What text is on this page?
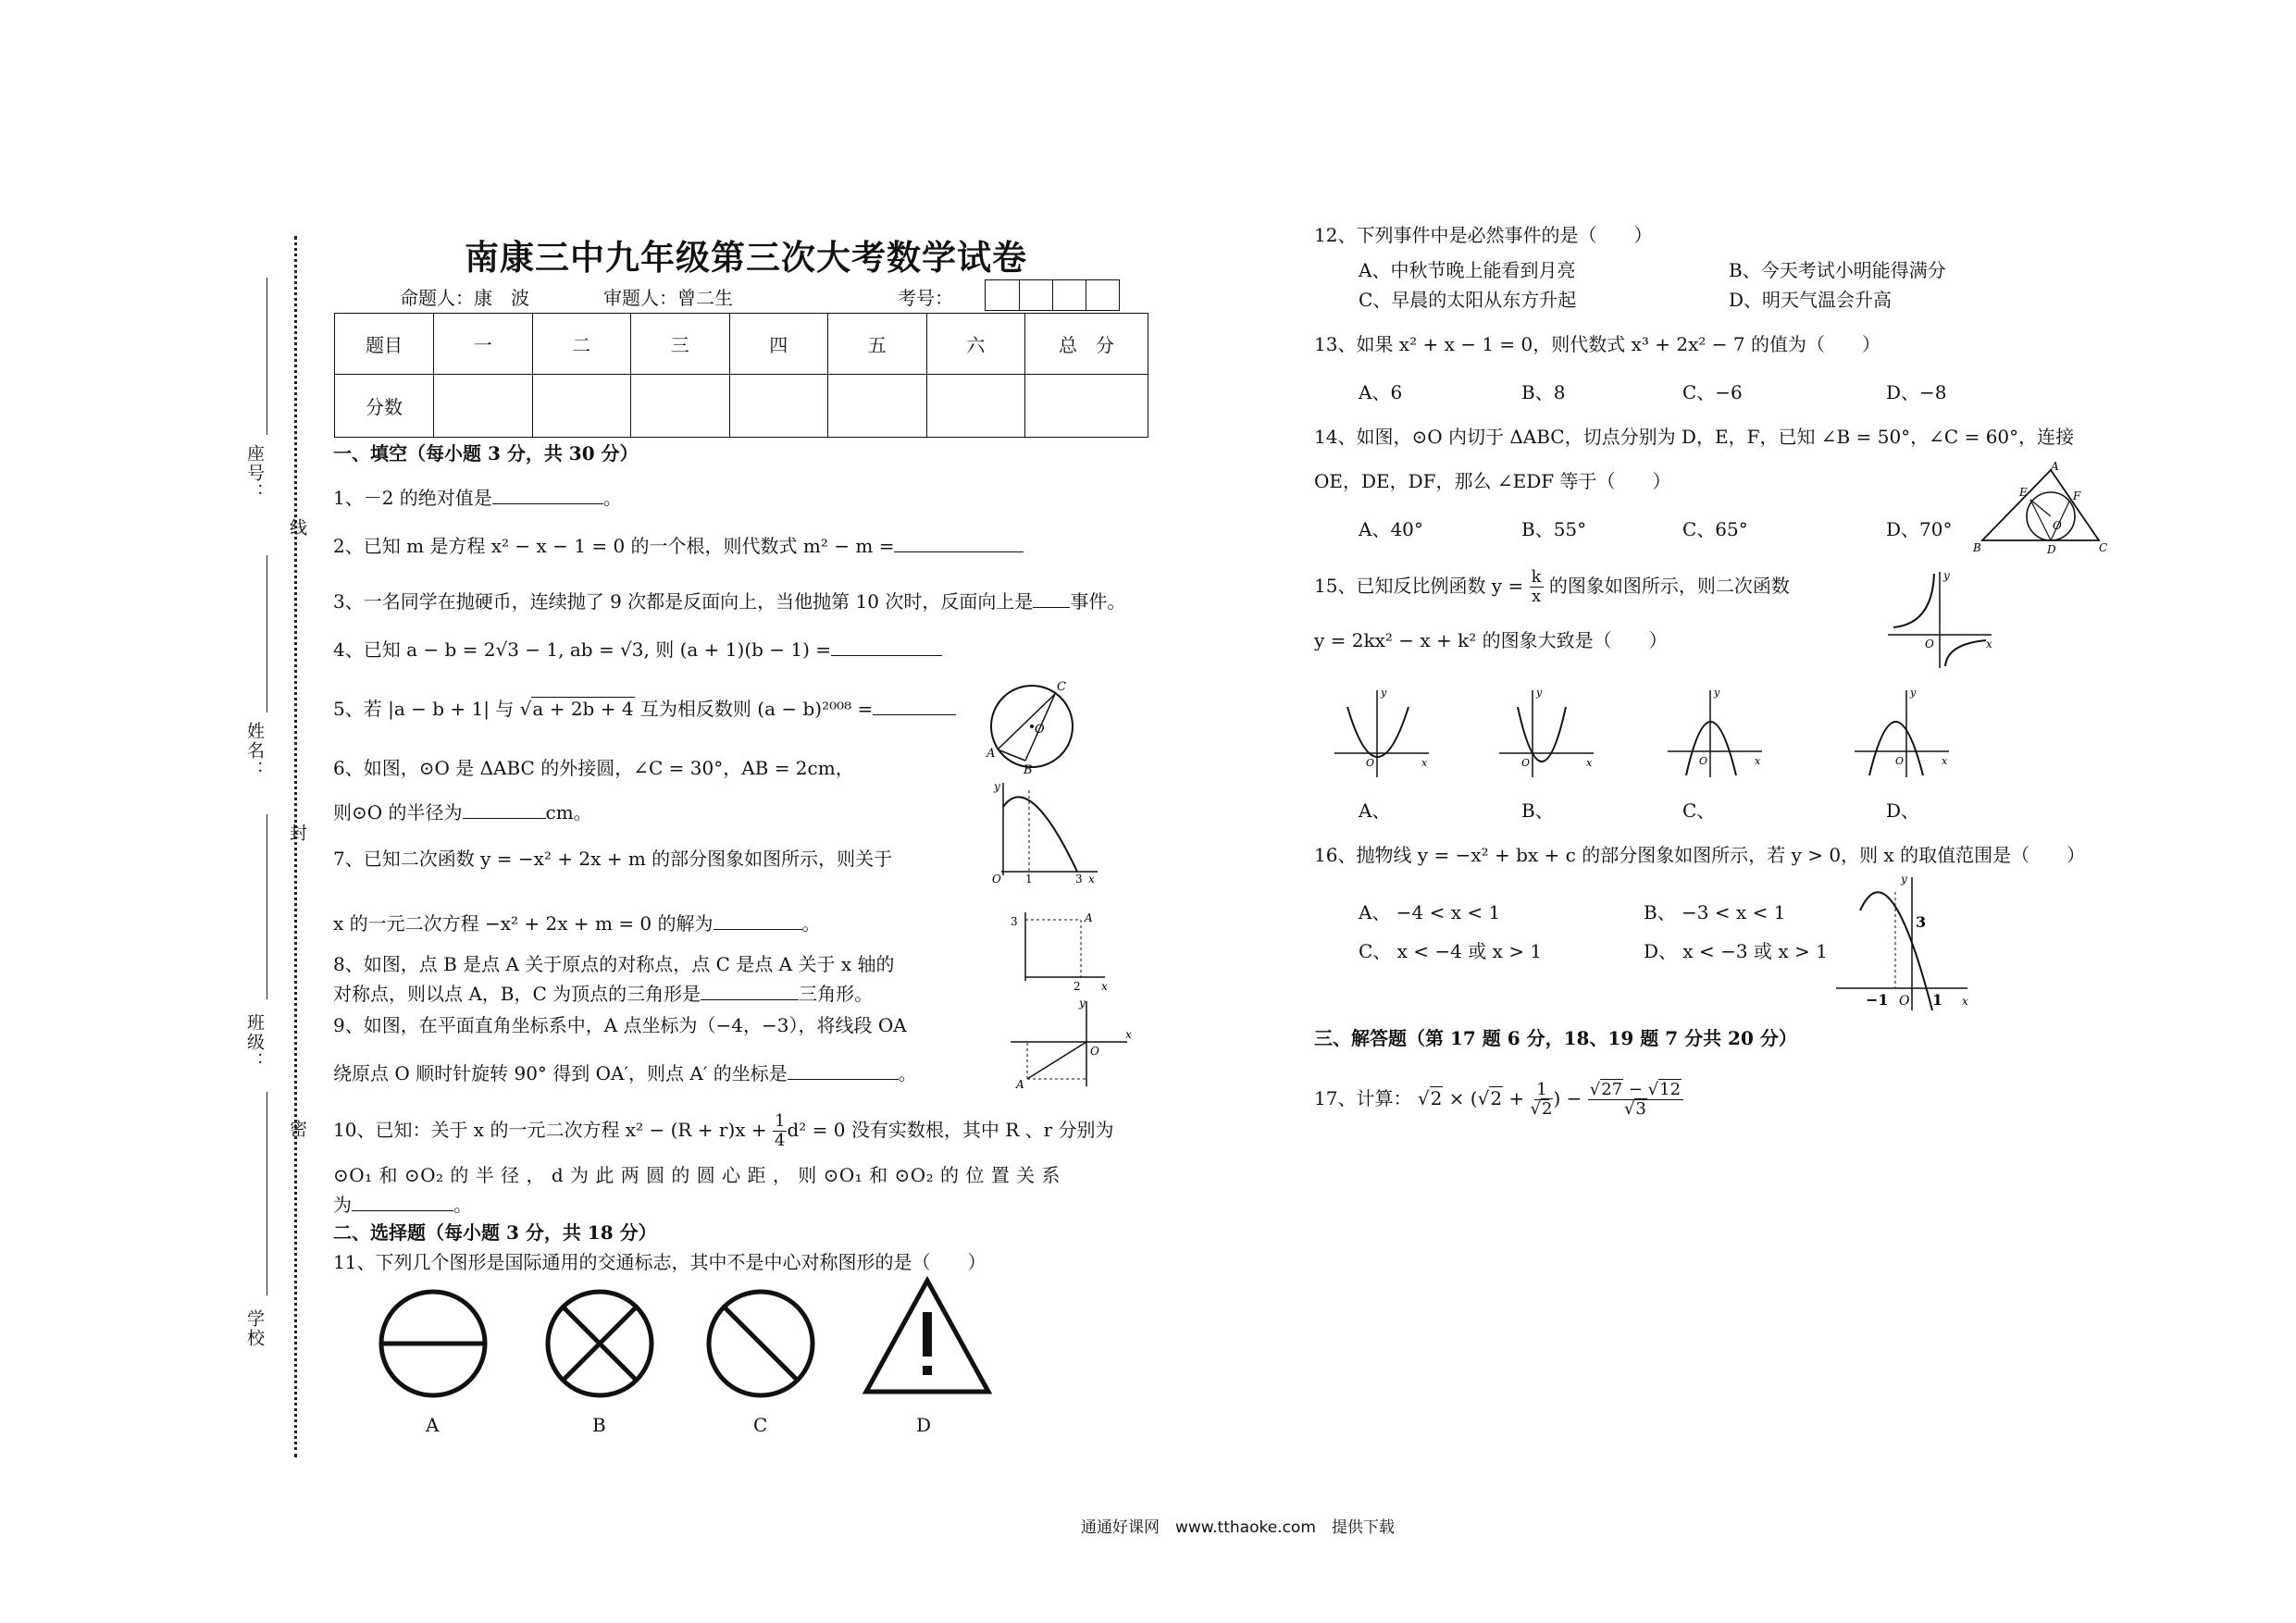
座号：
线
姓名：
封
班级：
密
学校
南康三中九年级第三次大考数学试卷
命题人：康　波	审题人：曾二生	考号：
题目	一	二	三	四	五	六	总　分
分数							
一、填空（每小题 3 分，共 30 分）
1、－2 的绝对值是	。
2、已知 m 是方程 x² − x − 1 = 0 的一个根，则代数式 m² − m =
3、一名同学在抛硬币，连续抛了 9 次都是反面向上，当他抛第 10 次时，反面向上是 事件。
4、已知 a − b = 2√3 − 1, ab = √3, 则 (a + 1)(b − 1) =
5、若 |a − b + 1| 与 √a + 2b + 4 互为相反数则 (a − b)²⁰⁰⁸ =
6、如图，⊙O 是 ΔABC 的外接圆，∠C = 30°，AB = 2cm，
则⊙O 的半径为	cm。
7、已知二次函数 y = −x² + 2x + m 的部分图象如图所示，则关于
x 的一元二次方程 −x² + 2x + m = 0 的解为	。
8、如图，点 B 是点 A 关于原点的对称点，点 C 是点 A 关于 x 轴的
对称点，则以点 A，B，C 为顶点的三角形是	三角形。
9、如图，在平面直角坐标系中，A 点坐标为（−4，−3），将线段 OA
绕原点 O 顺时针旋转 90° 得到 OA′，则点 A′ 的坐标是	。
10、已知：关于 x 的一元二次方程 $x^2 - (R + r)x + \frac{1}{4} d^2 = 0$ 没有实数根，其中 R 、r 分别为
⊙O₁ 和 ⊙O₂ 的 半 径 ， d 为 此 两 圆 的 圆 心 距 ， 则 ⊙O₁ 和 ⊙O₂ 的 位 置 关 系
为	。
二、选择题（每小题 3 分，共 18 分）
11、下列几个图形是国际通用的交通标志，其中不是中心对称图形的是（　　）
A	B	C	D
A
B
C
O
y
x
O 1	3
3
2
A
x
y
x
O
A
12、下列事件中是必然事件的是（　　）
A、中秋节晚上能看到月亮	B、今天考试小明能得满分
C、早晨的太阳从东方升起	D、明天气温会升高
13、如果 x² + x − 1 = 0，则代数式 x³ + 2x² − 7 的值为（　　）
A、6	B、8	C、−6	D、−8
14、如图，⊙O 内切于 ΔABC，切点分别为 D，E，F，已知 ∠B = 50°，∠C = 60°，连接
OE，DE，DF，那么 ∠EDF 等于（　　）
A、40°	B、55°	C、65°	D、70°
A
B	C
D
E	F
O
15、已知反比例函数 $y = \frac{k}{x}$ 的图象如图所示，则二次函数
y = 2kx² − x + k² 的图象大致是（　　）
y
x
O
y
x
O
y
x
O
y
x
O
y
x
O
A、	B、	C、	D、
16、抛物线 y = −x² + bx + c 的部分图象如图所示，若 y > 0，则 x 的取值范围是（　　）
A、 −4 < x < 1	B、 −3 < x < 1
C、 x < −4 或 x > 1	D、 x < −3 或 x > 1
3
−1 O 1 x
y
三、解答题（第 17 题 6 分，18、19 题 7 分共 20 分）
17、计算： $√2 \times (√2 + \frac{1}{√2}$ ) − $\frac{√27 - √12}{√3}$
通通好课网　www.tthaoke.com　提供下载
